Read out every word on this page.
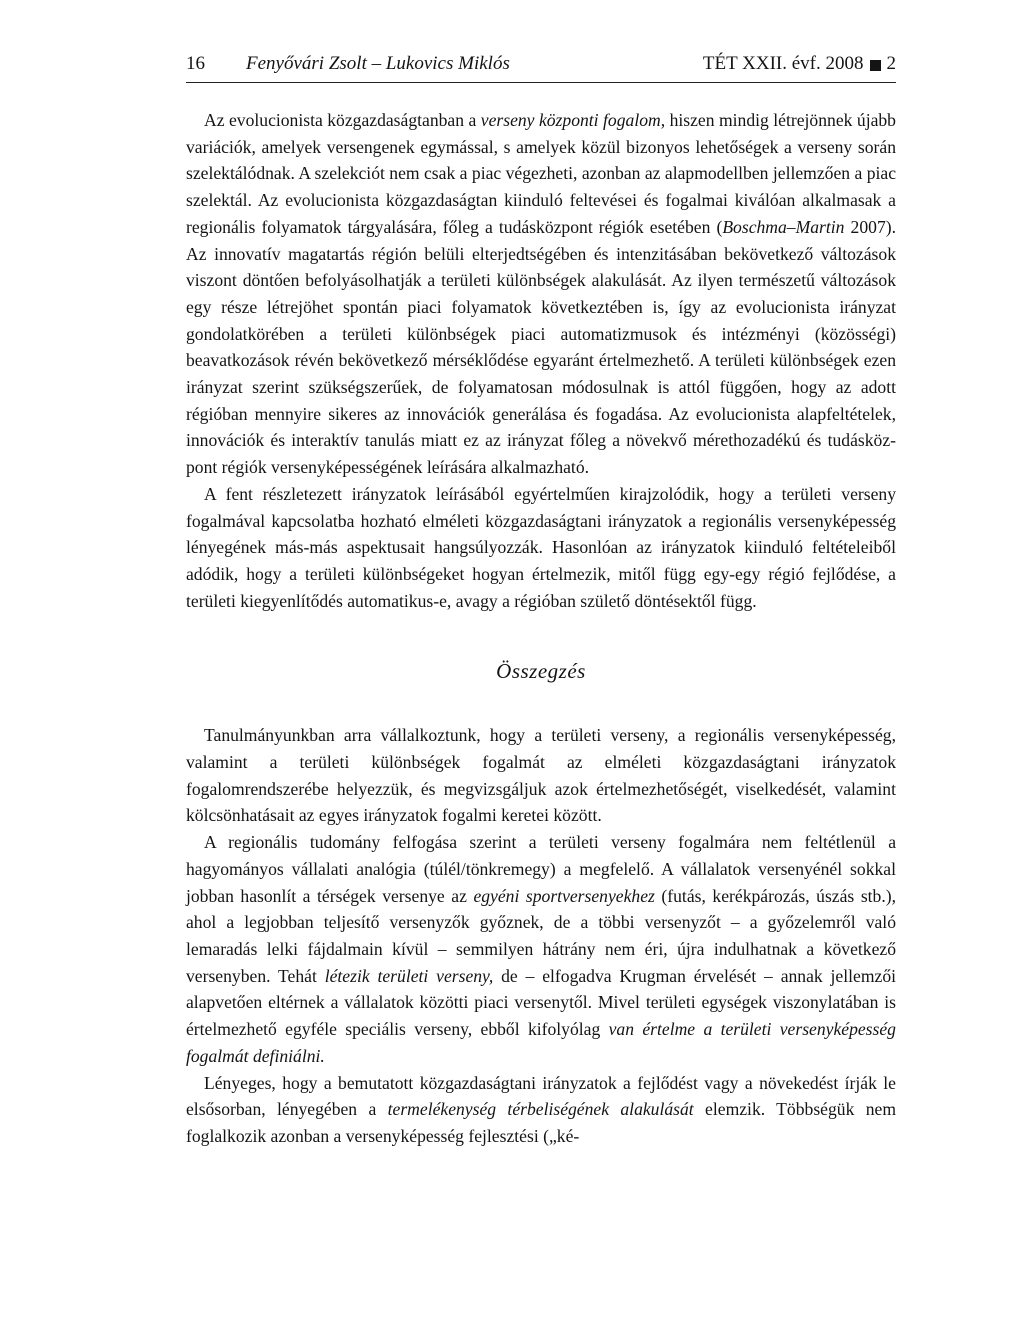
16	Fenyővári Zsolt – Lukovics Miklós	TÉT XXII. évf. 2008 2

Az evolucionista közgazdaságtanban a verseny központi fogalom, hiszen mindig létrejönnek újabb variációk, amelyek versengenek egymással, s amelyek közül bizonyos lehetőségek a verseny során szelektálódnak. A szelekciót nem csak a piac végezheti, azonban az alapmodellben jellemzően a piac szelektál. Az evolucionista közgazdaságtan kiinduló feltevései és fogalmai kiválóan alkalmasak a regionális folyamatok tárgyalására, főleg a tudásközpont régiók esetében (Boschma–Martin 2007). Az innovatív magatartás régión belüli elterjedtségében és intenzitásában bekövetkező változások viszont döntően befolyásolhatják a területi különbségek alakulását. Az ilyen természetű változások egy része létrejöhet spontán piaci folyamatok következtében is, így az evolucionista irányzat gondolatkörében a területi különbségek piaci automatizmusok és intézményi (közösségi) beavatkozások révén bekövetkező mérséklődése egyaránt értelmezhető. A területi különbségek ezen irányzat szerint szükségszerűek, de folyamatosan módosulnak is attól függően, hogy az adott régióban mennyire sikeres az innovációk generálása és fogadása. Az evolucionista alapfeltételek, innovációk és interaktív tanulás miatt ez az irányzat főleg a növekvő mérethozadékú és tudásközpont régiók versenyképességének leírására alkalmazható.

A fent részletezett irányzatok leírásából egyértelműen kirajzolódik, hogy a területi verseny fogalmával kapcsolatba hozható elméleti közgazdaságtani irányzatok a regionális versenyképesség lényegének más-más aspektusait hangsúlyozzák. Hasonlóan az irányzatok kiinduló feltételeiből adódik, hogy a területi különbségeket hogyan értelmezik, mitől függ egy-egy régió fejlődése, a területi kiegyenlítődés automatikus-e, avagy a régióban születő döntésektől függ.

Összegzés

Tanulmányunkban arra vállalkoztunk, hogy a területi verseny, a regionális versenyképesség, valamint a területi különbségek fogalmát az elméleti közgazdaságtani irányzatok fogalomrendszerébe helyezzük, és megvizsgáljuk azok értelmezhetőségét, viselkedését, valamint kölcsönhatásait az egyes irányzatok fogalmi keretei között.

A regionális tudomány felfogása szerint a területi verseny fogalmára nem feltétlenül a hagyományos vállalati analógia (túlél/tönkremegy) a megfelelő. A vállalatok versenyénél sokkal jobban hasonlít a térségek versenye az egyéni sportversenyekhez (futás, kerékpározás, úszás stb.), ahol a legjobban teljesítő versenyzők győznek, de a többi versenyzőt – a győzelemről való lemaradás lelki fájdalmain kívül – semmilyen hátrány nem éri, újra indulhatnak a következő versenyben. Tehát létezik területi verseny, de – elfogadva Krugman érvelését – annak jellemzői alapvetően eltérnek a vállalatok közötti piaci versenytől. Mivel területi egységek viszonylatában is értelmezhető egyféle speciális verseny, ebből kifolyólag van értelme a területi versenyképesség fogalmát definiálni.

Lényeges, hogy a bemutatott közgazdaságtani irányzatok a fejlődést vagy a növekedést írják le elsősorban, lényegében a termelékenység térbeliségének alakulását elemzik. Többségük nem foglalkozik azonban a versenyképesség fejlesztési („ké-
